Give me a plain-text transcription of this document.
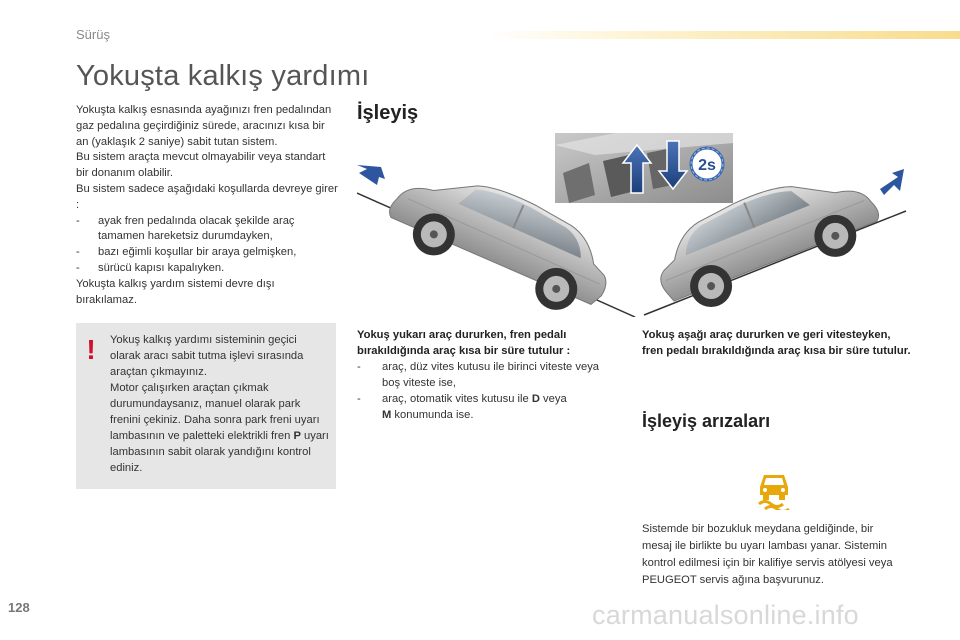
Sürüş
Yokuşta kalkış yardımı

Yokuşta kalkış esnasında ayağınızı fren pedalından gaz pedalına geçirdiğiniz sürede, aracınızı kısa bir an (yaklaşık 2 saniye) sabit tutan sistem.

Bu sistem araçta mevcut olmayabilir veya standart bir donanım olabilir.

Bu sistem sadece aşağıdaki koşullarda devreye girer :

-	ayak fren pedalında olacak şekilde araç tamamen hareketsiz durumdayken,
-	bazı eğimli koşullar bir araya gelmişken,
-	sürücü kapısı kapalıyken.

Yokuşta kalkış yardım sistemi devre dışı bırakılamaz.

! Yokuş kalkış yardımı sisteminin geçici olarak aracı sabit tutma işlevi sırasında araçtan çıkmayınız.
Motor çalışırken araçtan çıkmak durumundaysanız, manuel olarak park frenini çekiniz. Daha sonra park freni uyarı lambasının ve paletteki elektrikli fren P uyarı lambasının sabit olarak yandığını kontrol ediniz.
İşleyiş
2s
Yokuş yukarı araç dururken, fren pedalı bırakıldığında araç kısa bir süre tutulur :
-	araç, düz vites kutusu ile birinci viteste veya boş viteste ise,
-	araç, otomatik vites kutusu ile D veya
M konumunda ise.
Yokuş aşağı araç dururken ve geri vitesteyken, fren pedalı bırakıldığında araç kısa bir süre tutulur.
İşleyiş arızaları
Sistemde bir bozukluk meydana geldiğinde, bir mesaj ile birlikte bu uyarı lambası yanar. Sistemin kontrol edilmesi için bir kalifiye servis atölyesi veya PEUGEOT servis ağına başvurunuz.
128	carmanualsonline.info
